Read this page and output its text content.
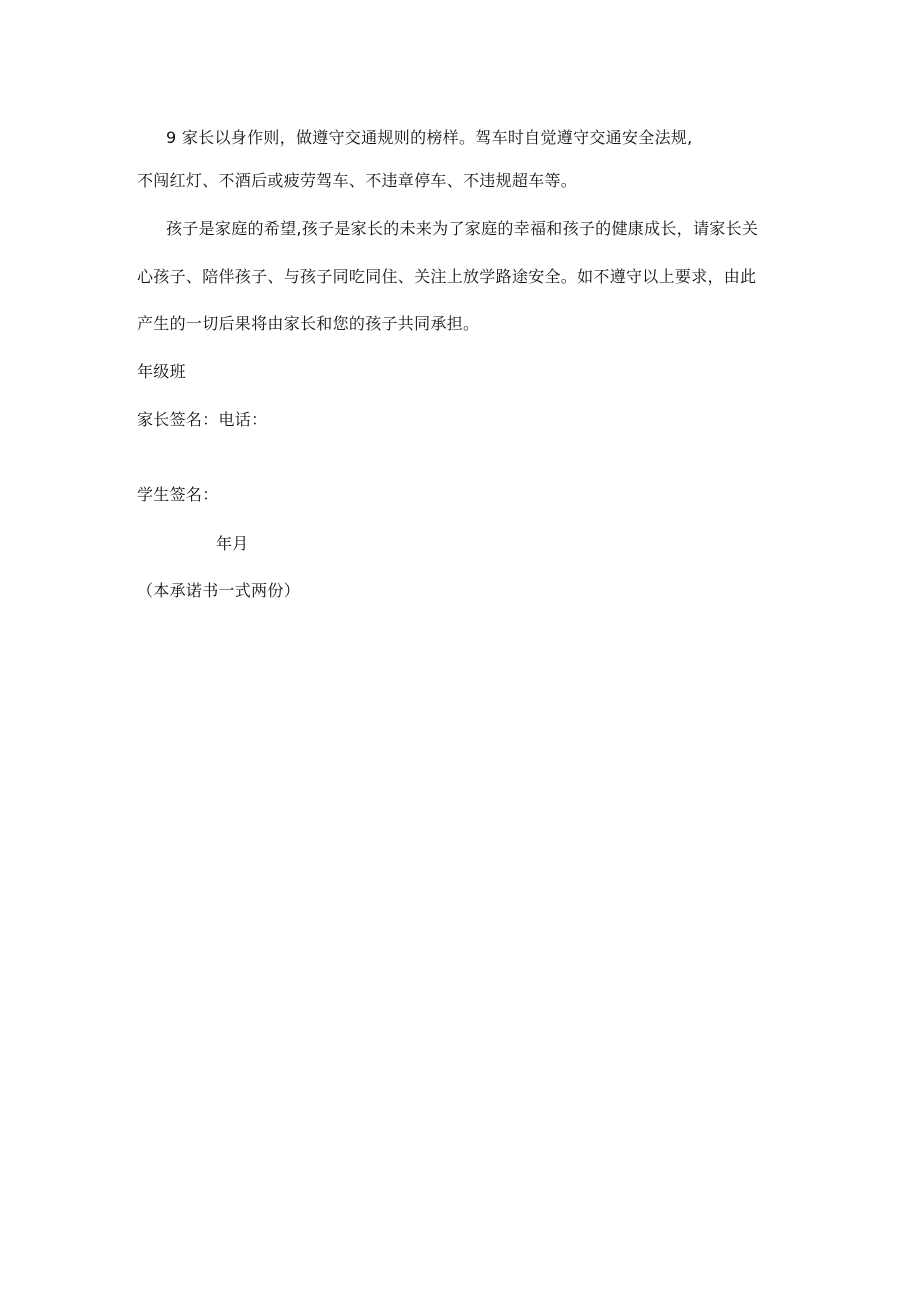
9 家长以身作则，做遵守交通规则的榜样。驾车时自觉遵守交通安全法规,
不闯红灯、不酒后或疲劳驾车、不违章停车、不违规超车等。
孩子是家庭的希望,孩子是家长的未来为了家庭的幸福和孩子的健康成长，请家长关
心孩子、陪伴孩子、与孩子同吃同住、关注上放学路途安全。如不遵守以上要求，由此
产生的一切后果将由家长和您的孩子共同承担。
年级班
家长签名：电话：
学生签名：
年月
（本承诺书一式两份）
